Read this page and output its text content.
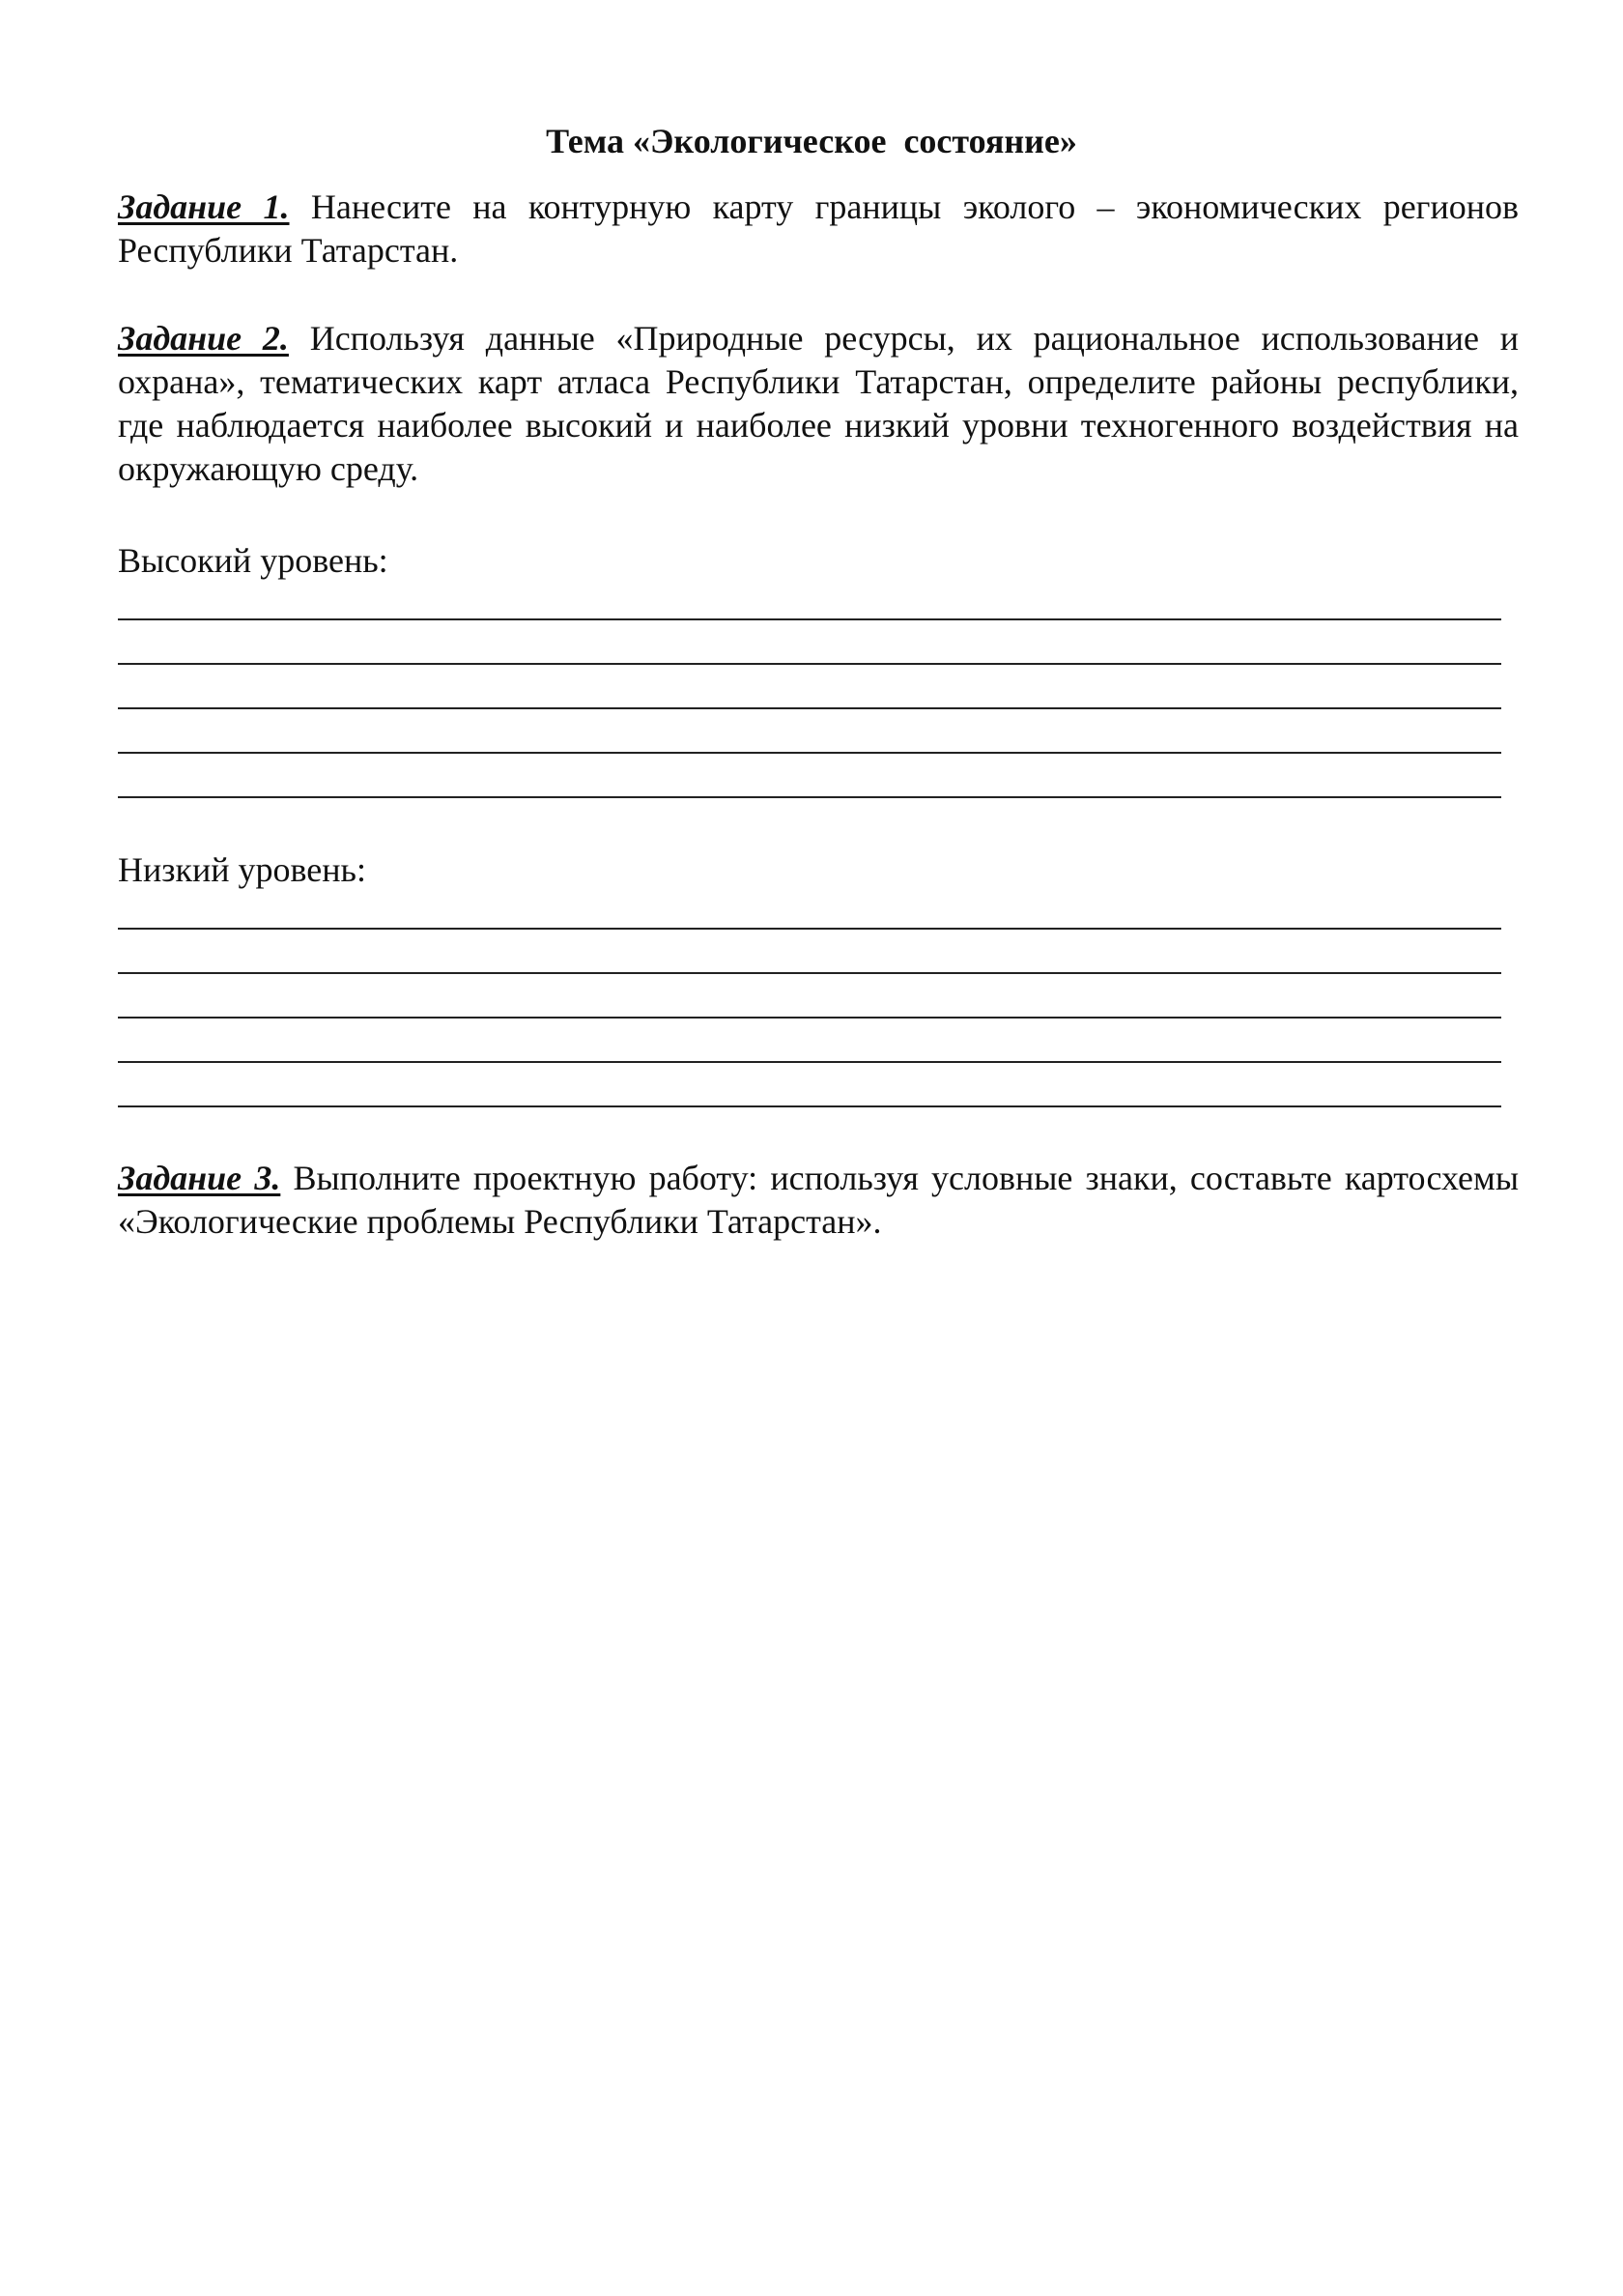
Тема «Экологическое  состояние»
Задание 1. Нанесите на контурную карту границы эколого – экономических регионов Республики Татарстан.
Задание 2. Используя данные «Природные ресурсы, их рациональное использование и охрана», тематических карт атласа Республики Татарстан, определите районы республики, где наблюдается наиболее высокий и наиболее низкий уровни техногенного воздействия на окружающую среду.
Высокий уровень:
Низкий уровень:
Задание 3. Выполните проектную работу: используя условные знаки, составьте картосхемы «Экологические проблемы Республики Татарстан».
